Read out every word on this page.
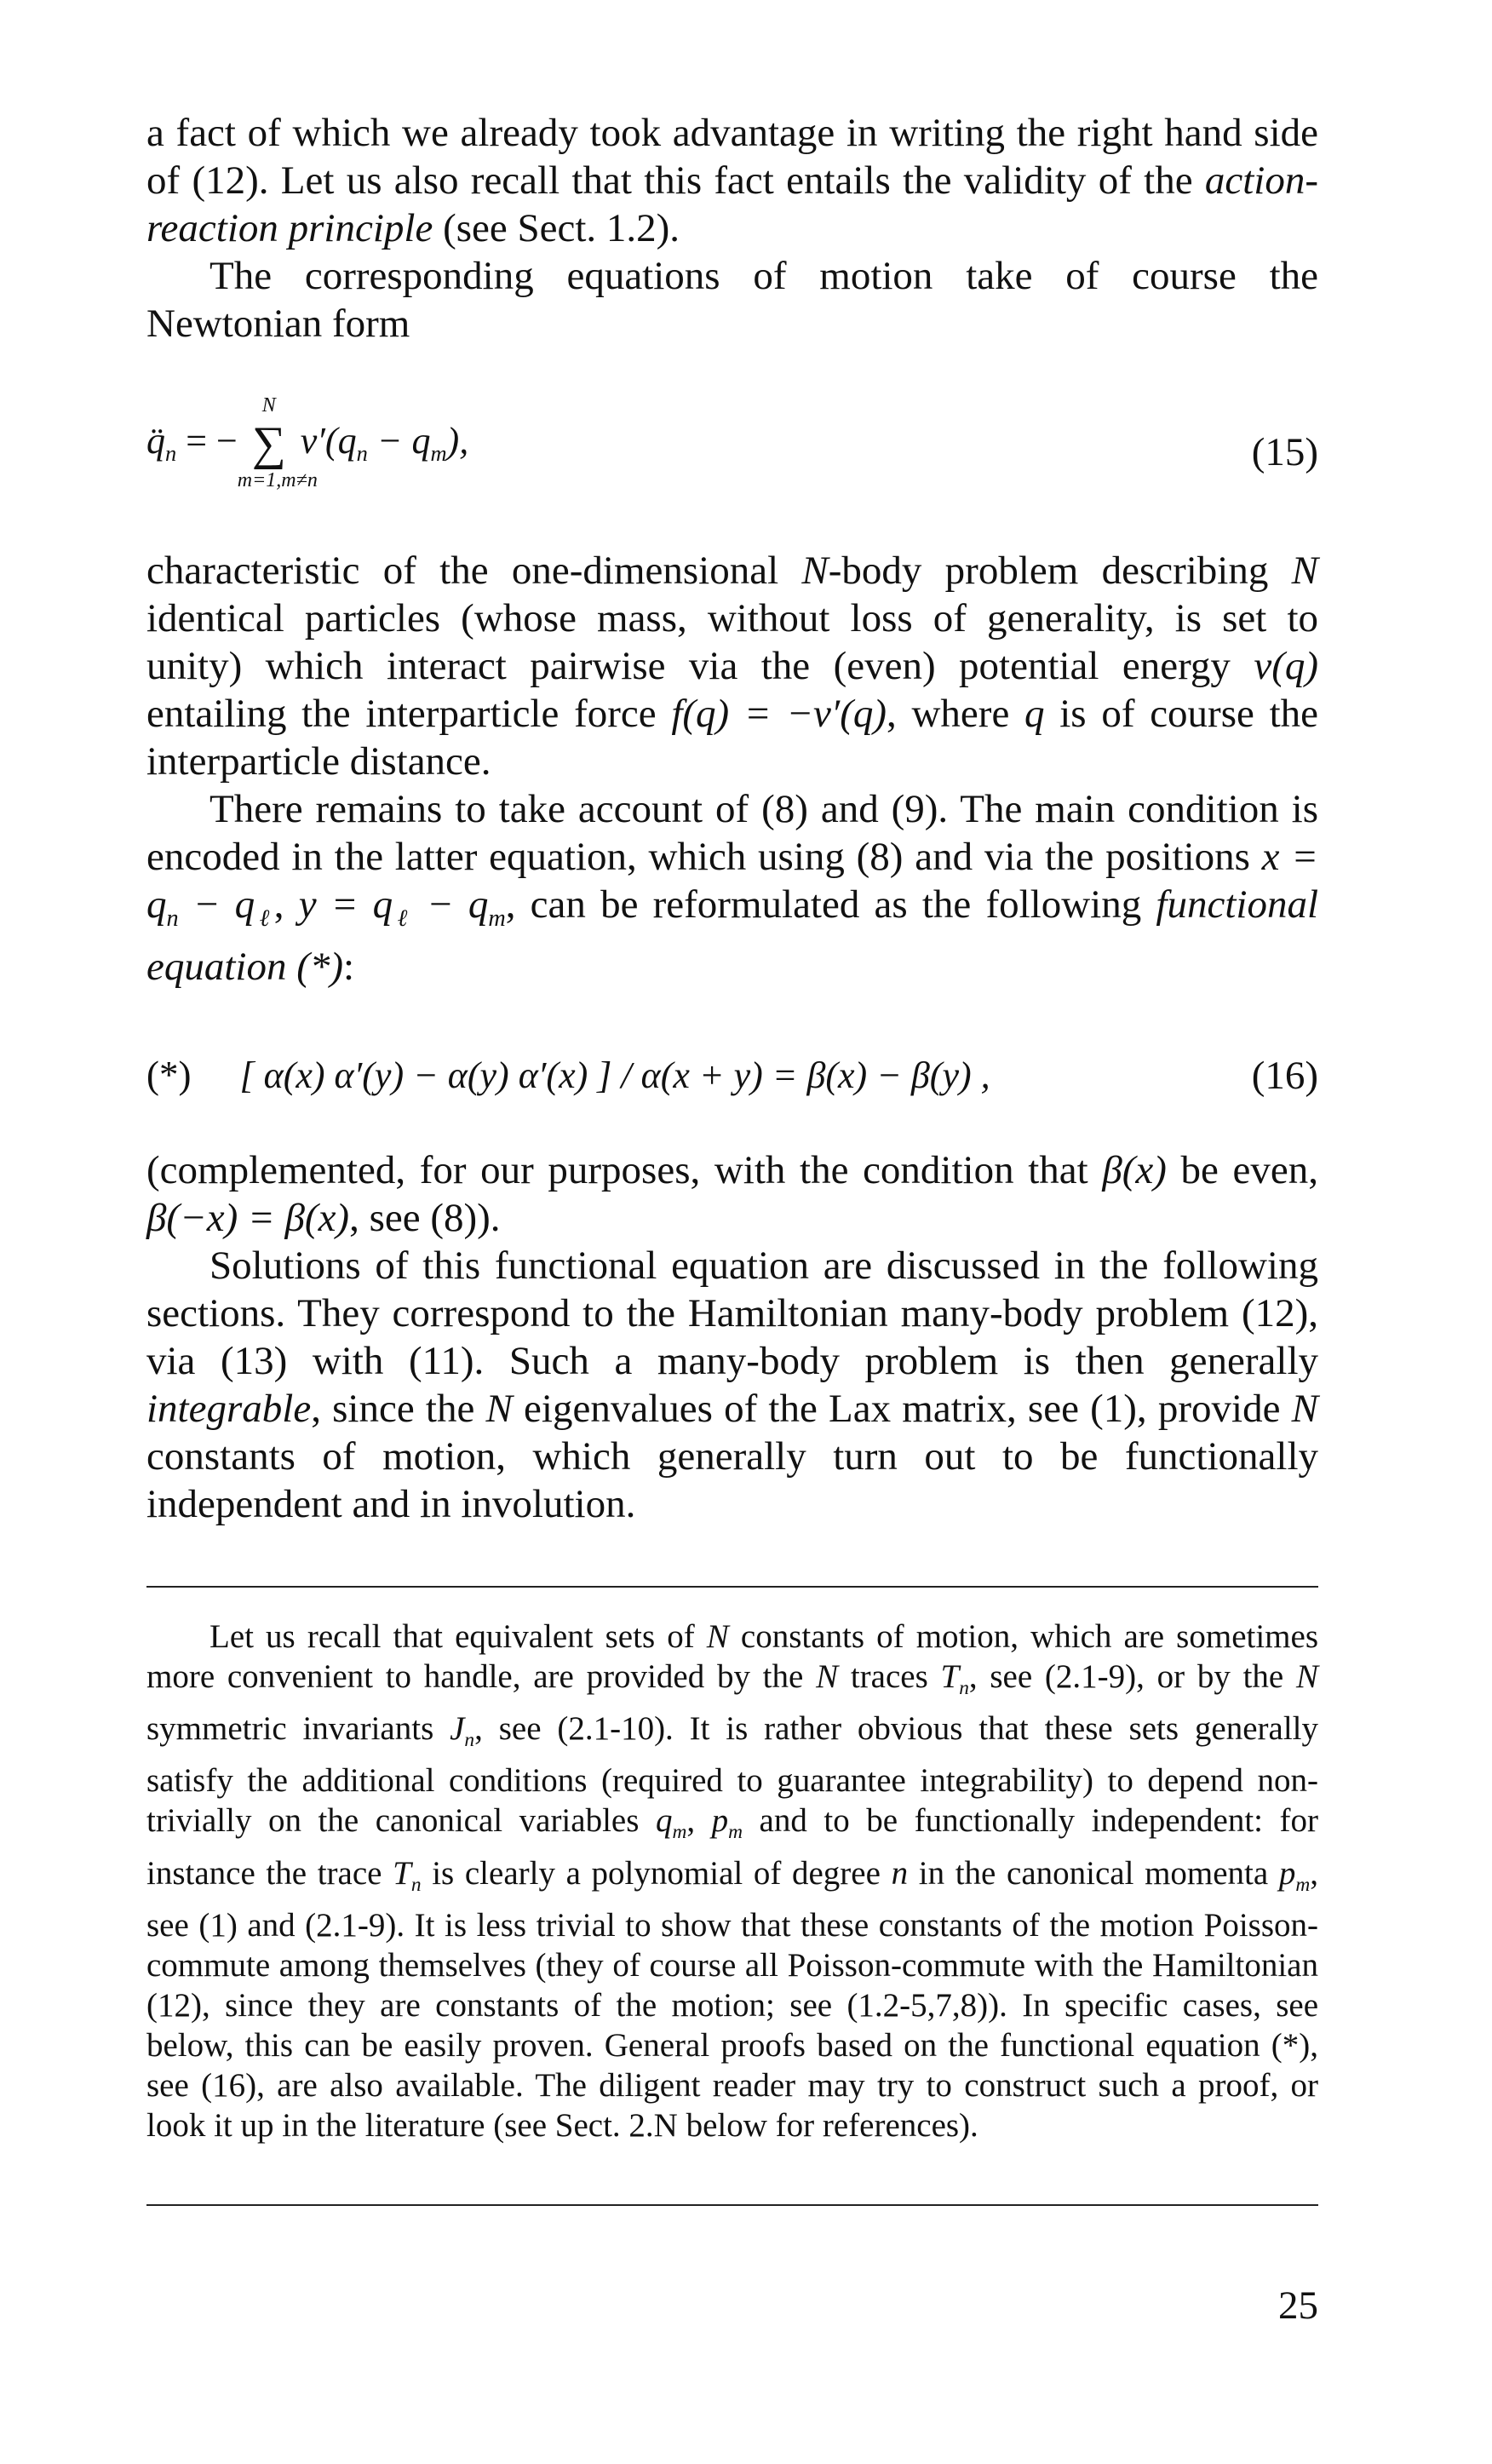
a fact of which we already took advantage in writing the right hand side of (12). Let us also recall that this fact entails the validity of the action-reaction principle (see Sect. 1.2).

The corresponding equations of motion take of course the Newtonian form

$q̈_n$ = −
N
∑
m=1,m≠n
$v'(q_n - q_m)$,	(15)

characteristic of the one-dimensional N-body problem describing N identical particles (whose mass, without loss of generality, is set to unity) which interact pairwise via the (even) potential energy v(q) entailing the interparticle force f(q) = −v′(q), where q is of course the interparticle distance.

There remains to take account of (8) and (9). The main condition is encoded in the latter equation, which using (8) and via the positions $x = q_n - q_\ell$, $y = q_\ell - q_m$, can be reformulated as the following functional equation (*):

(*) [ α(x) α′(y) − α(y) α′(x) ] / α(x + y) = β(x) − β(y) ,	(16)

(complemented, for our purposes, with the condition that β(x) be even, β(−x) = β(x), see (8)).

Solutions of this functional equation are discussed in the following sections. They correspond to the Hamiltonian many-body problem (12), via (13) with (11). Such a many-body problem is then generally integrable, since the N eigenvalues of the Lax matrix, see (1), provide N constants of motion, which generally turn out to be functionally independent and in involution.

Let us recall that equivalent sets of N constants of motion, which are sometimes more convenient to handle, are provided by the N traces $T_n$, see (2.1-9), or by the N symmetric invariants $J_n$, see (2.1-10). It is rather obvious that these sets generally satisfy the additional conditions (required to guarantee integrability) to depend non-trivially on the canonical variables $q_m$, $p_m$ and to be functionally independent: for instance the trace $T_n$ is clearly a polynomial of degree n in the canonical momenta $p_m$, see (1) and (2.1-9). It is less trivial to show that these constants of the motion Poisson-commute among themselves (they of course all Poisson-commute with the Hamiltonian (12), since they are constants of the motion; see (1.2-5,7,8)). In specific cases, see below, this can be easily proven. General proofs based on the functional equation (*), see (16), are also available. The diligent reader may try to construct such a proof, or look it up in the literature (see Sect. 2.N below for references).

25
